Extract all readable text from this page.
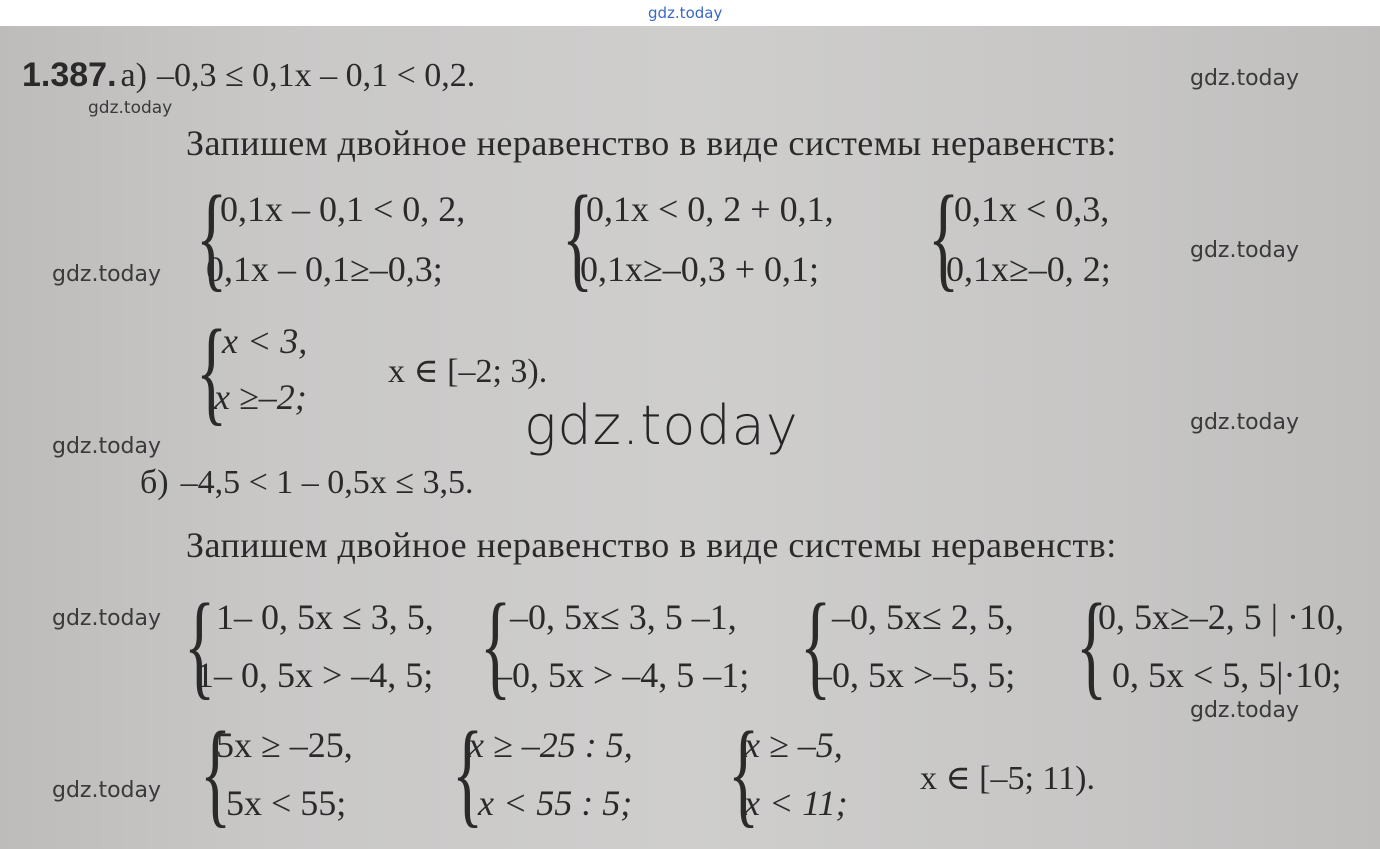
gdz.today
1.387. а) –0,3 ≤ 0,1x – 0,1 < 0,2.
gdz.today
gdz.today
Запишем двойное неравенство в виде системы неравенств:
{
0,1x – 0,1 < 0, 2,
0,1x – 0,1≥–0,3; {
0,1x < 0, 2 + 0,1,
0,1x≥–0,3 + 0,1; {
0,1x < 0,3,
0,1x≥–0, 2;
gdz.today
gdz.today
{
x < 3,
x ≥–2;
x ∈ [–2; 3).
gdz.today
gdz.today
gdz.today
б) –4,5 < 1 – 0,5x ≤ 3,5.
Запишем двойное неравенство в виде системы неравенств:
gdz.today { 1– 0, 5x ≤ 3, 5,
1– 0, 5x > –4, 5; {
–0, 5x≤ 3, 5 –1,
–0, 5x > –4, 5 –1; { –0, 5x≤ 2, 5,
–0, 5x >–5, 5; {
0, 5x≥–2, 5 | ·10,
0, 5x < 5, 5|·10;
gdz.today
{
5x ≥ –25,
5x < 55; {
x ≥ –25 : 5,
x < 55 : 5; {
x ≥ –5,
x < 11;
x ∈ [–5; 11).
gdz.today
